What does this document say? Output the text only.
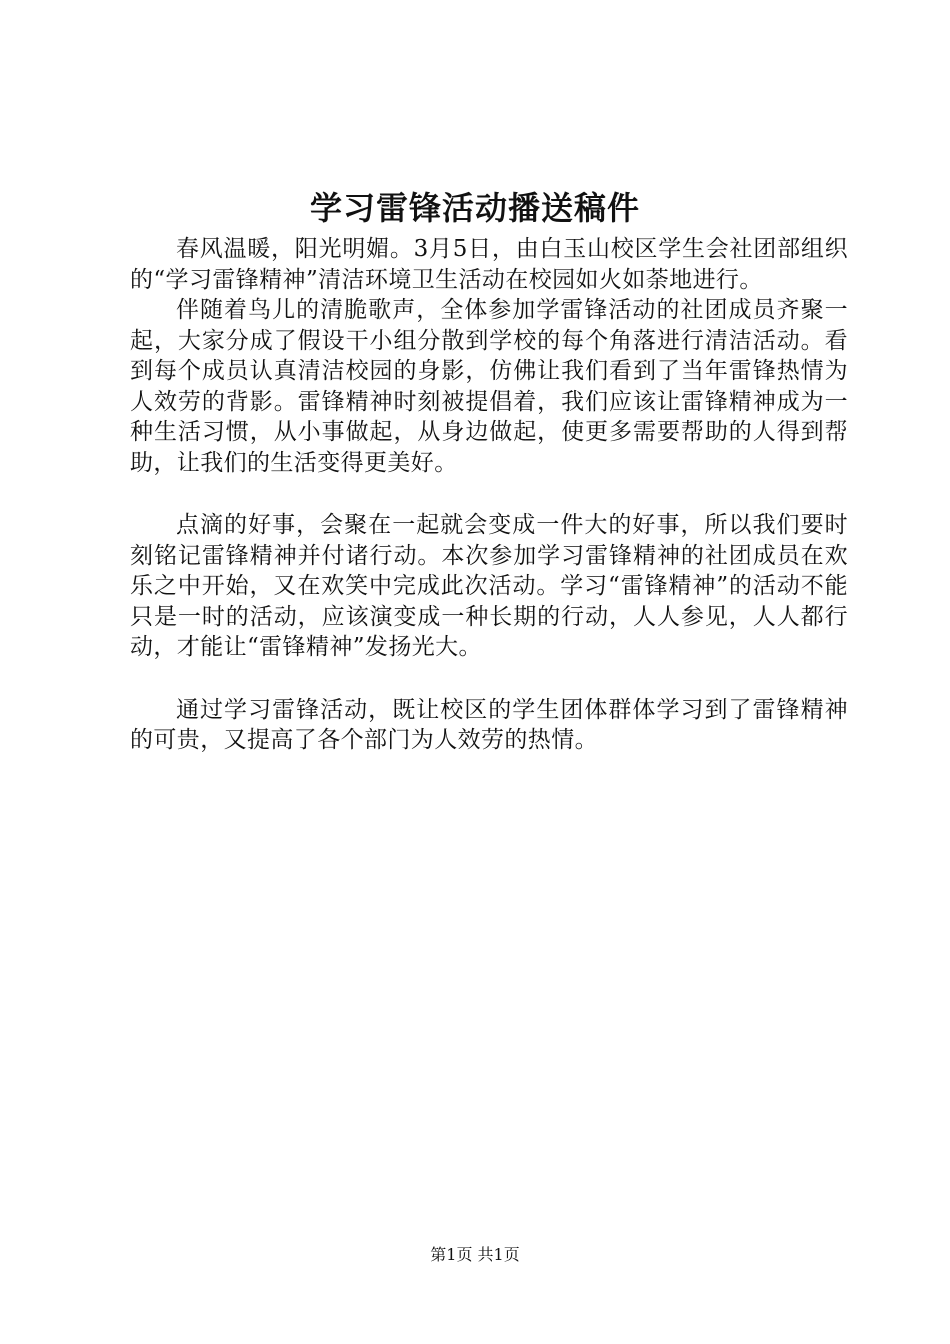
学习雷锋活动播送稿件

春风温暖，阳光明媚。3月5日，由白玉山校区学生会社团部组织的“学习雷锋精神”清洁环境卫生活动在校园如火如荼地进行。

伴随着鸟儿的清脆歌声，全体参加学雷锋活动的社团成员齐聚一起，大家分成了假设干小组分散到学校的每个角落进行清洁活动。看到每个成员认真清洁校园的身影，仿佛让我们看到了当年雷锋热情为人效劳的背影。雷锋精神时刻被提倡着，我们应该让雷锋精神成为一种生活习惯，从小事做起，从身边做起，使更多需要帮助的人得到帮助，让我们的生活变得更美好。

点滴的好事，会聚在一起就会变成一件大的好事，所以我们要时刻铭记雷锋精神并付诸行动。本次参加学习雷锋精神的社团成员在欢乐之中开始，又在欢笑中完成此次活动。学习“雷锋精神”的活动不能只是一时的活动，应该演变成一种长期的行动，人人参见，人人都行动，才能让“雷锋精神”发扬光大。

通过学习雷锋活动，既让校区的学生团体群体学习到了雷锋精神的可贵，又提高了各个部门为人效劳的热情。

第1页 共1页
